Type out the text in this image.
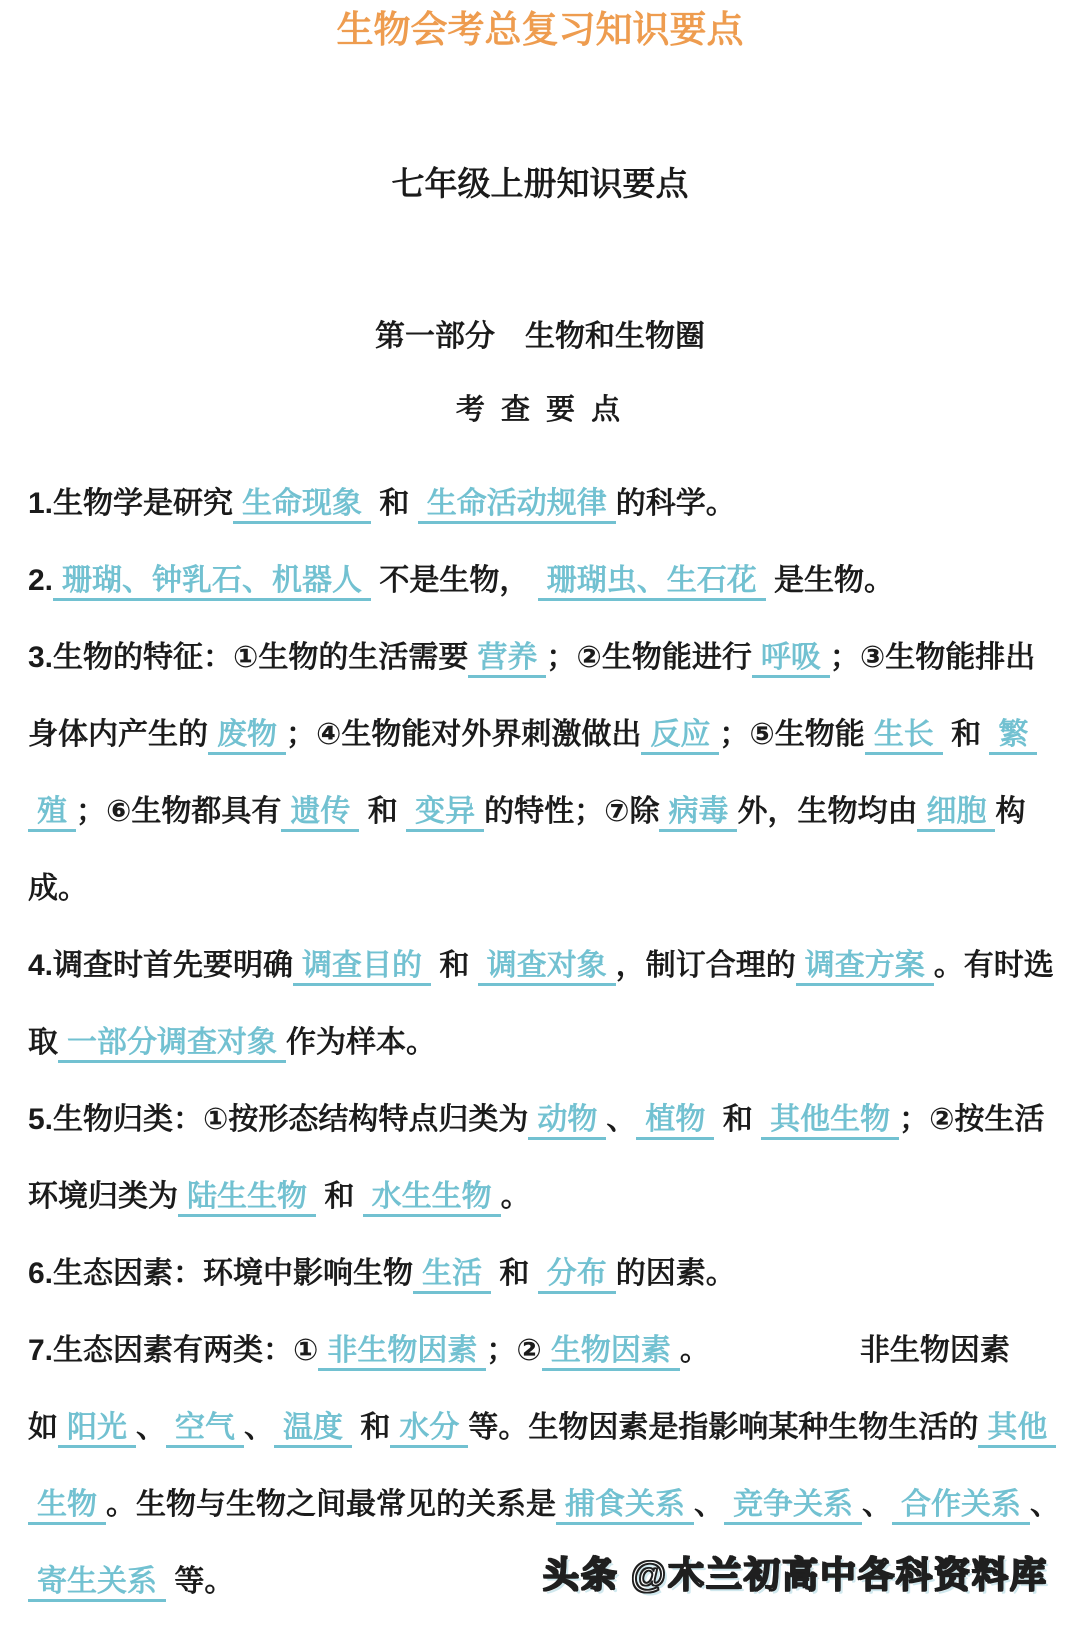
生物会考总复习知识要点
七年级上册知识要点
第一部分　生物和生物圈
考 查 要 点
1.生物学是研究 生命现象 和 生命活动规律 的科学。
2. 珊瑚、钟乳石、机器人 不是生物， 珊瑚虫、生石花 是生物。
3.生物的特征：①生物的生活需要 营养 ；②生物能进行 呼吸 ；③生物能排出
身体内产生的 废物 ；④生物能对外界刺激做出 反应 ；⑤生物能 生长 和 繁
殖 ；⑥生物都具有 遗传 和 变异 的特性；⑦除 病毒 外，生物均由 细胞 构
成。
4.调查时首先要明确 调查目的 和 调查对象 ，制订合理的 调查方案 。有时选
取 一部分调查对象 作为样本。
5.生物归类：①按形态结构特点归类为 动物 、 植物 和 其他生物 ；②按生活
环境归类为 陆生生物 和 水生生物 。
6.生态因素：环境中影响生物 生活 和 分布 的因素。
7.生态因素有两类：① 非生物因素 ；② 生物因素 。	非生物因素
如 阳光 、 空气 、 温度 和 水分 等。生物因素是指影响某种生物生活的 其他
生物 。生物与生物之间最常见的关系是 捕食关系 、 竞争关系 、 合作关系 、
寄生关系 等。	头条 @木兰初高中各科资料库
